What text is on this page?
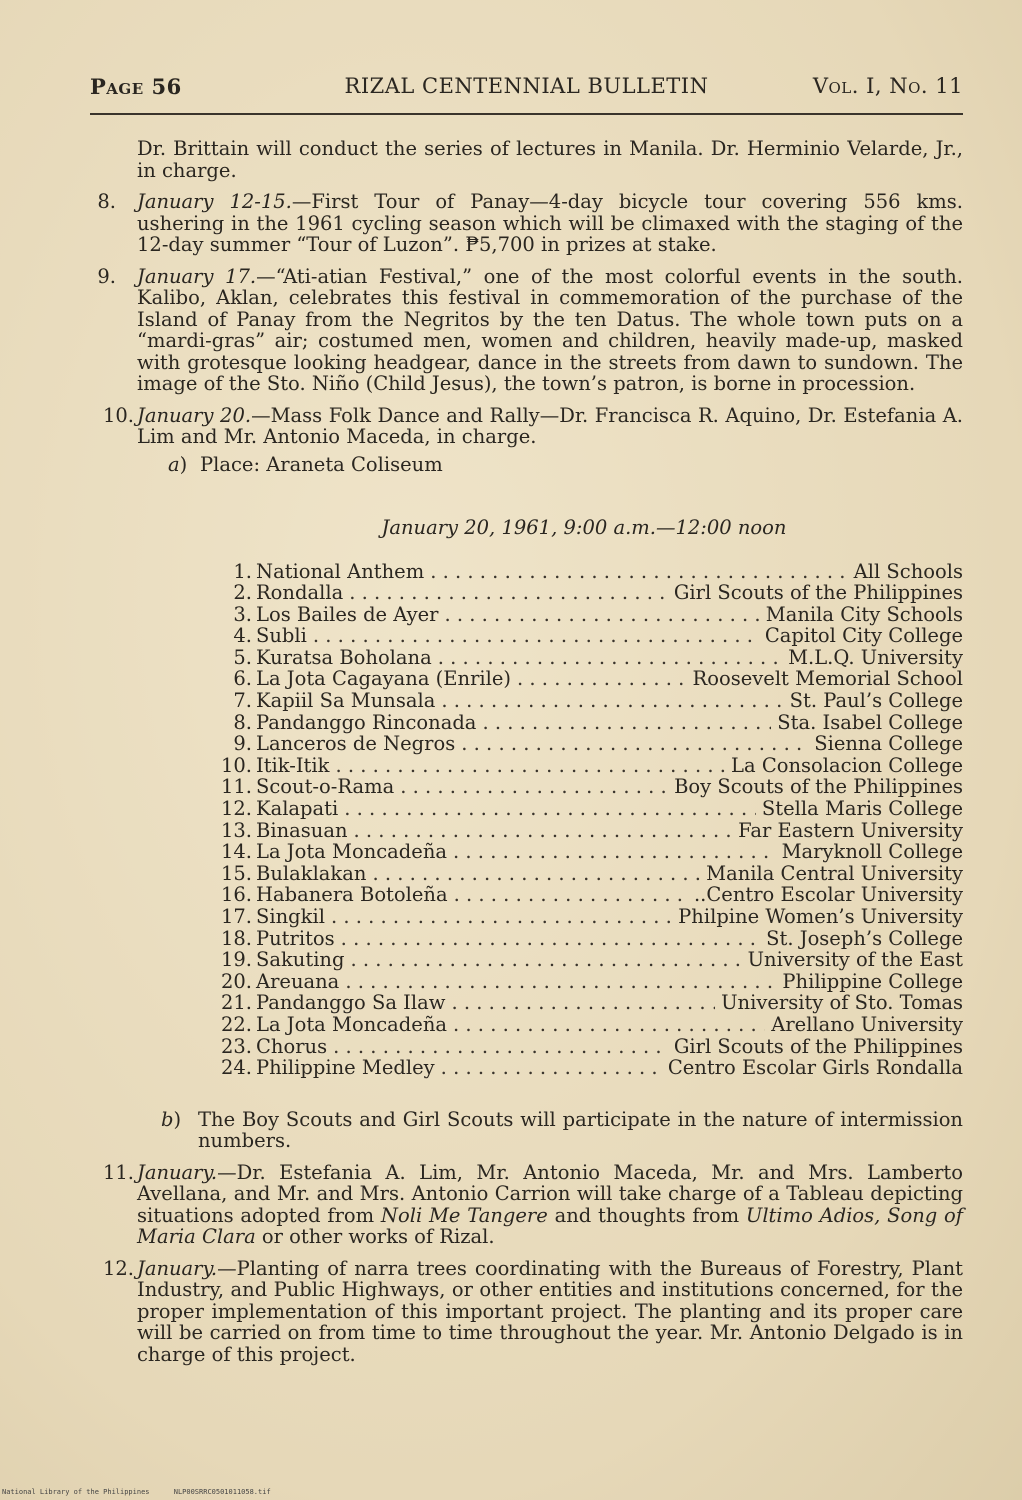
Page 56	RIZAL CENTENNIAL BULLETIN	Vol. I, No. 11

Dr. Brittain will conduct the series of lectures in Manila. Dr. Herminio Velarde, Jr., in charge.

8. January 12-15.—First Tour of Panay—4-day bicycle tour covering 556 kms. ushering in the 1961 cycling season which will be climaxed with the staging of the 12-day summer “Tour of Luzon”. ₱5,700 in prizes at stake.
9. January 17.—“Ati-atian Festival,” one of the most colorful events in the south. Kalibo, Aklan, celebrates this festival in commemoration of the purchase of the Island of Panay from the Negritos by the ten Datus. The whole town puts on a “mardi-gras” air; costumed men, women and children, heavily made-up, masked with grotesque looking headgear, dance in the streets from dawn to sundown. The image of the Sto. Niño (Child Jesus), the town’s patron, is borne in procession.
10. January 20.—Mass Folk Dance and Rally—Dr. Francisca R. Aquino, Dr. Estefania A. Lim and Mr. Antonio Maceda, in charge.
a) Place: Araneta Coliseum
January 20, 1961, 9:00 a.m.—12:00 noon
1. National Anthem . . .	All Schools
2. Rondalla . . .	Girl Scouts of the Philippines
3. Los Bailes de Ayer . . .	Manila City Schools
4. Subli . . .	Capitol City College
5. Kuratsa Boholana . . .	M.L.Q. University
6. La Jota Cagayana (Enrile) . . .	Roosevelt Memorial School
7. Kapiil Sa Munsala . . .	St. Paul’s College
8. Pandanggo Rinconada . . .	Sta. Isabel College
9. Lanceros de Negros . . .	Sienna College
10. Itik-Itik . . .	La Consolacion College
11. Scout-o-Rama . . .	Boy Scouts of the Philippines
12. Kalapati . . .	Stella Maris College
13. Binasuan . . .	Far Eastern University
14. La Jota Moncadeña . . .	Maryknoll College
15. Bulaklakan . . .	Manila Central University
16. Habanera Botoleña . . .	..Centro Escolar University
17. Singkil . . .	Philpine Women’s University
18. Putritos . . .	St. Joseph’s College
19. Sakuting . . .	University of the East
20. Areuana . . .	Philippine College
21. Pandanggo Sa Ilaw . . .	University of Sto. Tomas
22. La Jota Moncadeña . . .	Arellano University
23. Chorus . . .	Girl Scouts of the Philippines
24. Philippine Medley . . .	Centro Escolar Girls Rondalla
b) The Boy Scouts and Girl Scouts will participate in the nature of intermission numbers.
11. January.—Dr. Estefania A. Lim, Mr. Antonio Maceda, Mr. and Mrs. Lamberto Avellana, and Mr. and Mrs. Antonio Carrion will take charge of a Tableau depicting situations adopted from Noli Me Tangere and thoughts from Ultimo Adios, Song of Maria Clara or other works of Rizal.
12. January.—Planting of narra trees coordinating with the Bureaus of Forestry, Plant Industry, and Public Highways, or other entities and institutions concerned, for the proper implementation of this important project. The planting and its proper care will be carried on from time to time throughout the year. Mr. Antonio Delgado is in charge of this project.
National Library of the Philippines	NLP00SRRC0501011058.tif
